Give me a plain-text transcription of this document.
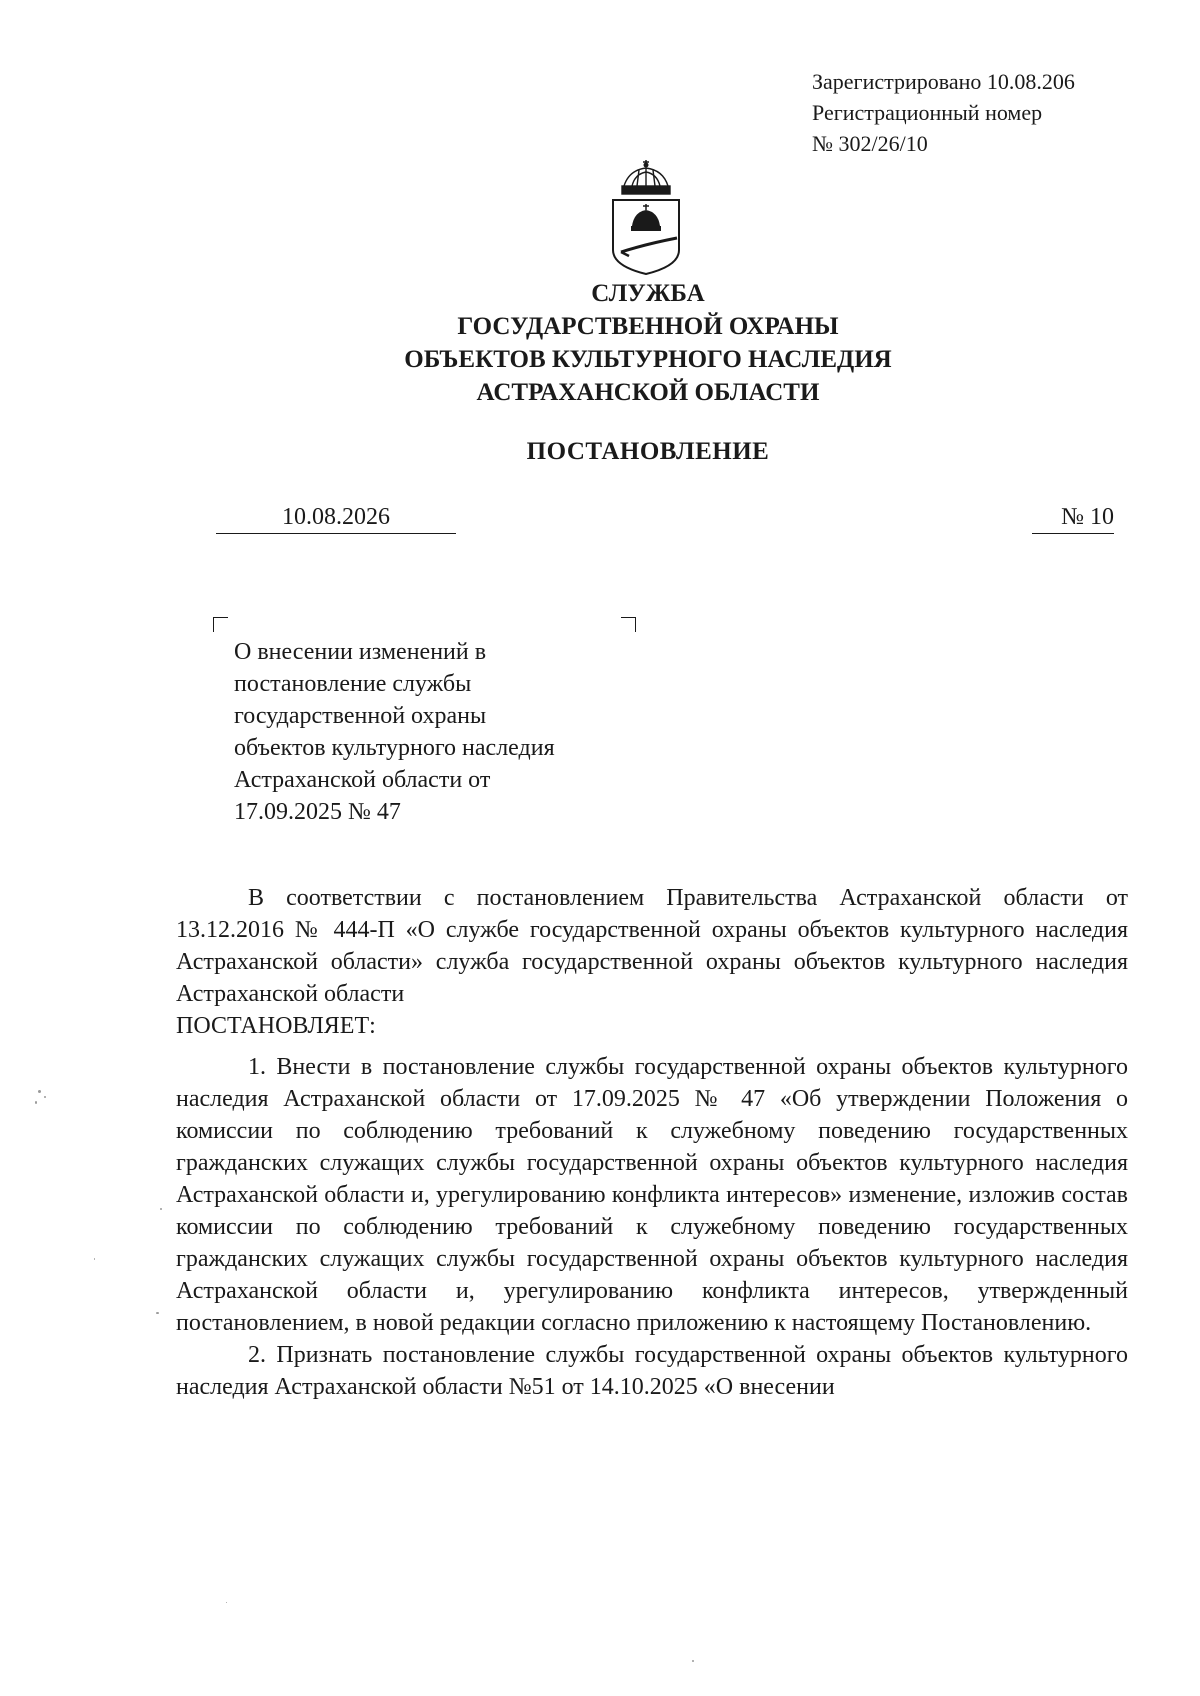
Зарегистрировано 10.08.206
Регистрационный номер
№ 302/26/10
СЛУЖБА
ГОСУДАРСТВЕННОЙ ОХРАНЫ
ОБЪЕКТОВ КУЛЬТУРНОГО НАСЛЕДИЯ
АСТРАХАНСКОЙ ОБЛАСТИ
ПОСТАНОВЛЕНИЕ
10.08.2026	№ 10
О внесении изменений в
постановление службы
государственной охраны
объектов культурного наследия
Астраханской области от
17.09.2025 № 47

В соответствии с постановлением Правительства Астраханской области от 13.12.2016 № 444-П «О службе государственной охраны объектов культурного наследия Астраханской области» служба государственной охраны объектов культурного наследия Астраханской области

ПОСТАНОВЛЯЕТ:

1. Внести в постановление службы государственной охраны объектов культурного наследия Астраханской области от 17.09.2025 № 47 «Об утверждении Положения о комиссии по соблюдению требований к служебному поведению государственных гражданских служащих службы государственной охраны объектов культурного наследия Астраханской области и, урегулированию конфликта интересов» изменение, изложив состав комиссии по соблюдению требований к служебному поведению государственных гражданских служащих службы государственной охраны объектов культурного наследия Астраханской области и, урегулированию конфликта интересов, утвержденный постановлением, в новой редакции согласно приложению к настоящему Постановлению.

2. Признать постановление службы государственной охраны объектов культурного наследия Астраханской области №51 от 14.10.2025 «О внесении
